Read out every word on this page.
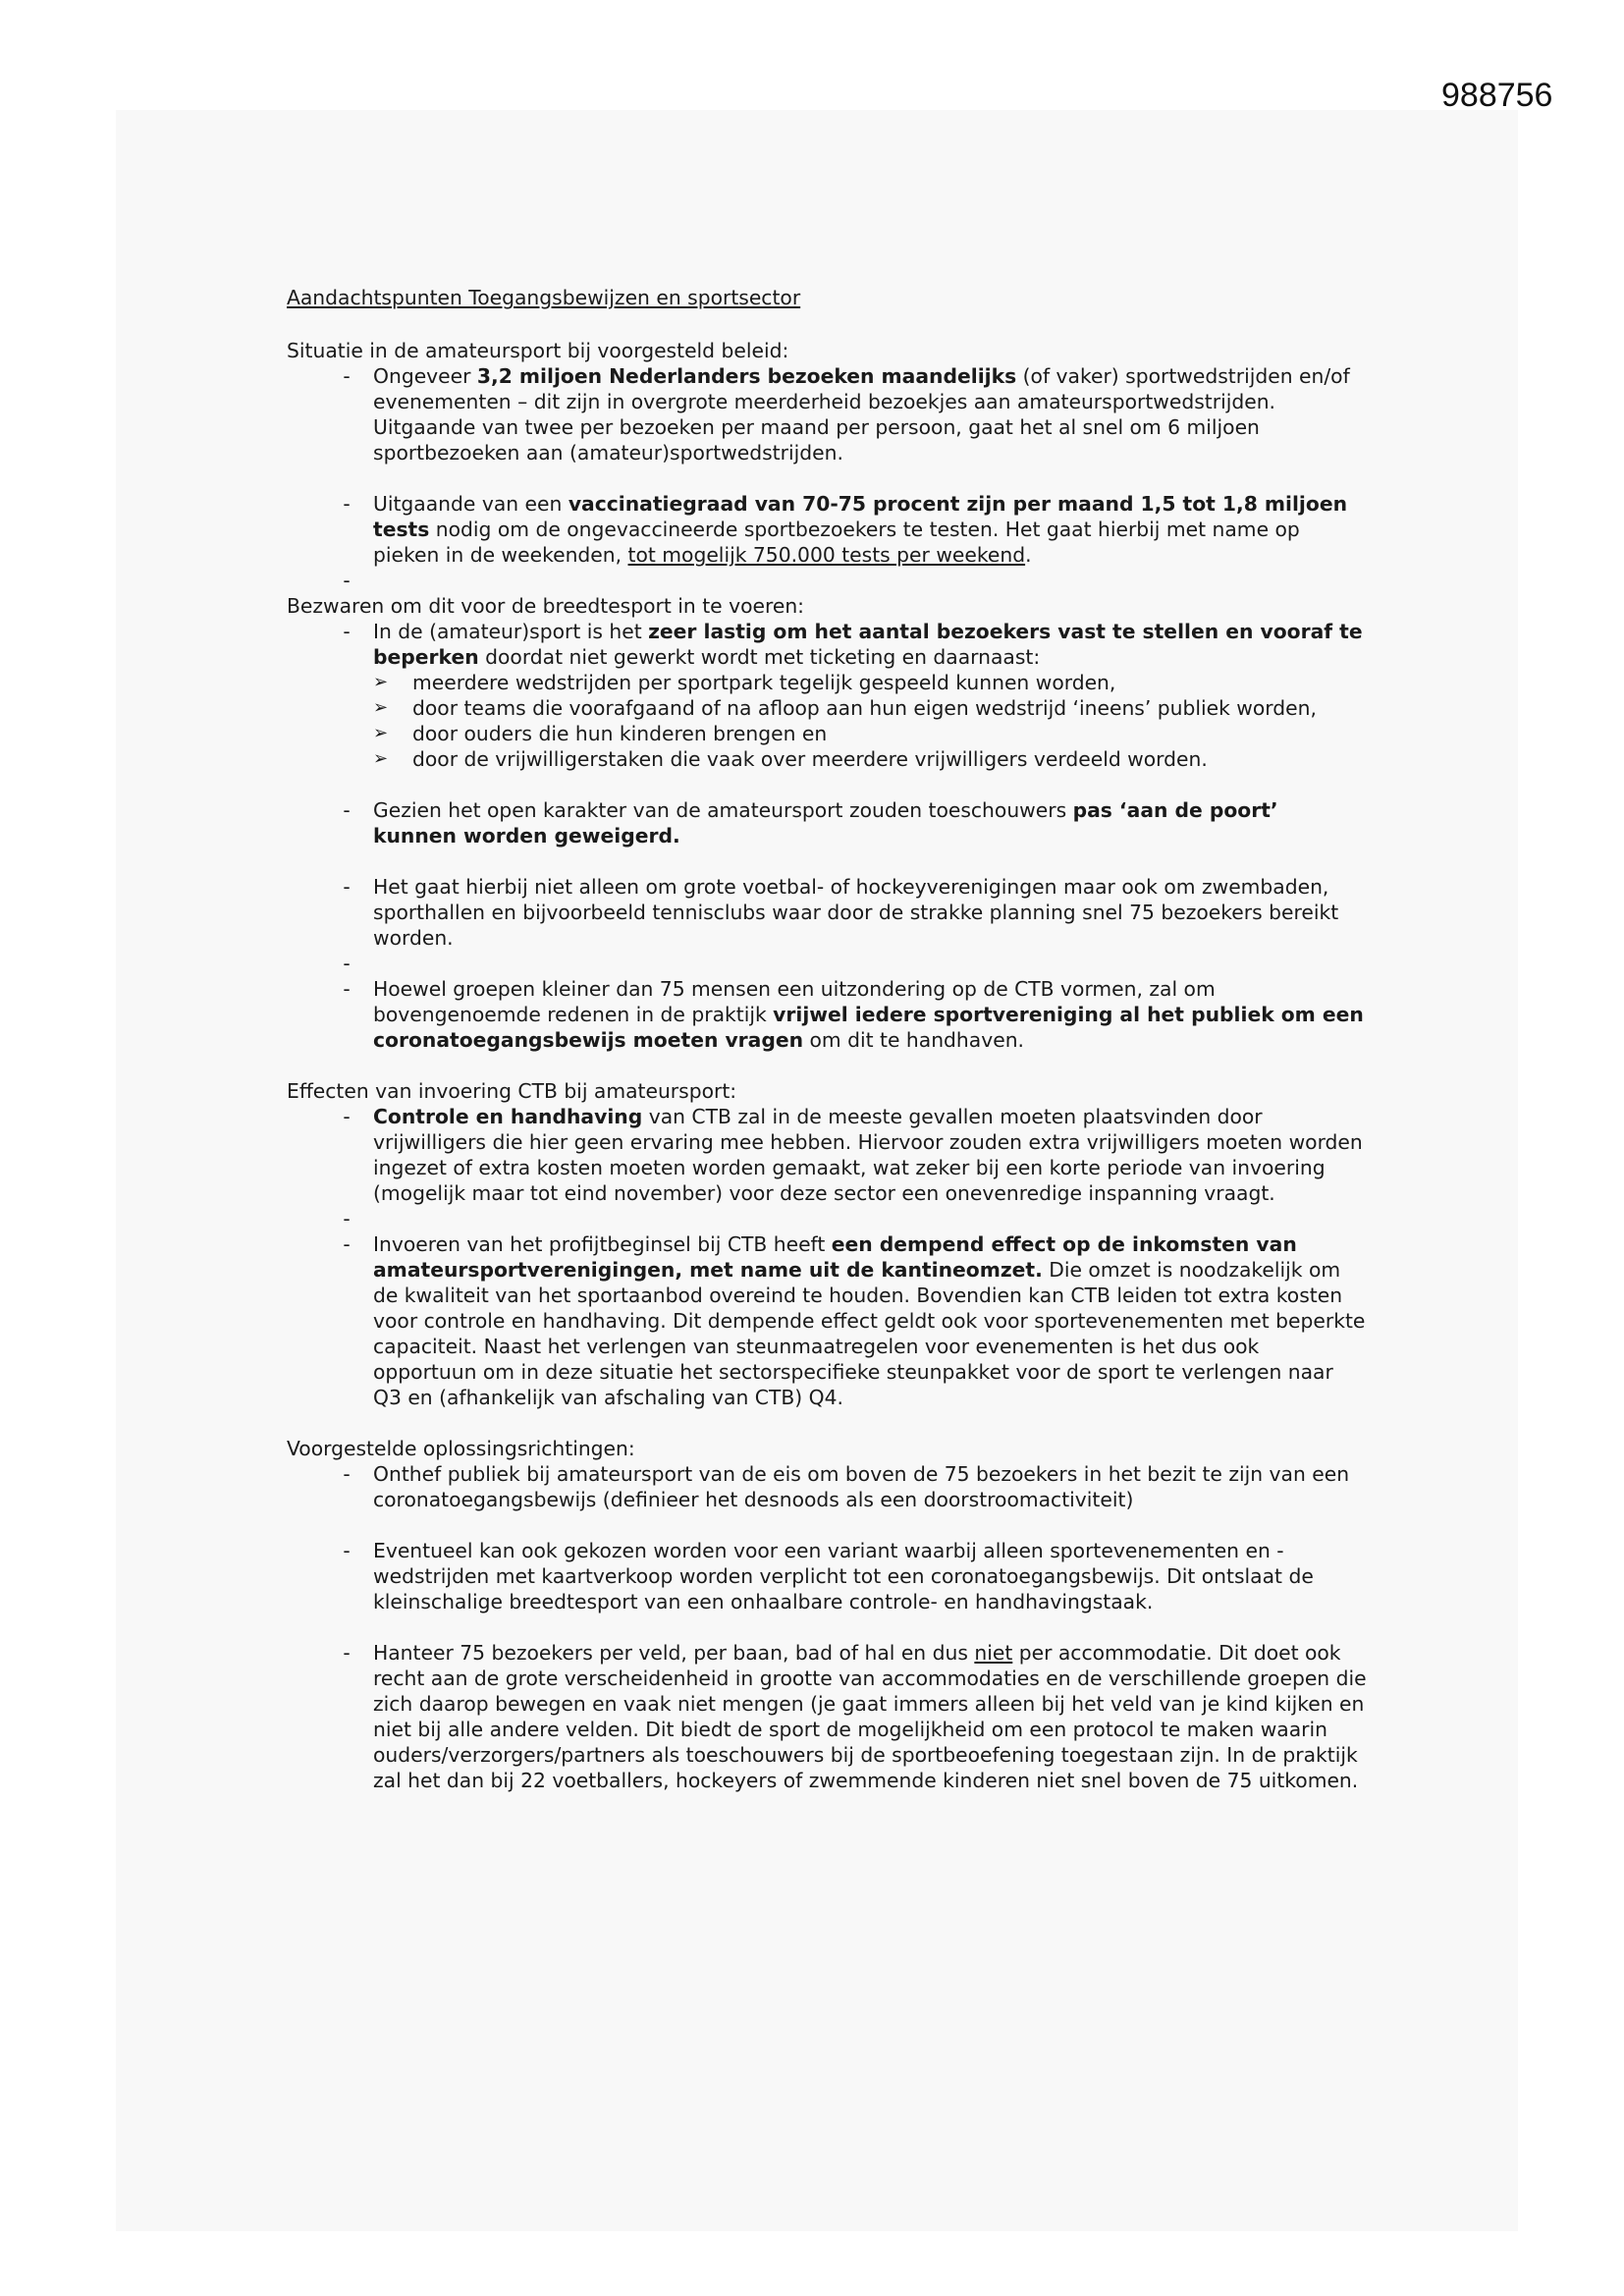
988756

Aandachtspunten Toegangsbewijzen en sportsector

Situatie in de amateursport bij voorgesteld beleid:

-	Ongeveer 3,2 miljoen Nederlanders bezoeken maandelijks (of vaker) sportwedstrijden en/of evenementen – dit zijn in overgrote meerderheid bezoekjes aan amateursportwedstrijden. Uitgaande van twee per bezoeken per maand per persoon, gaat het al snel om 6 miljoen sportbezoeken aan (amateur)sportwedstrijden.
-	Uitgaande van een vaccinatiegraad van 70-75 procent zijn per maand 1,5 tot 1,8 miljoen tests nodig om de ongevaccineerde sportbezoekers te testen. Het gaat hierbij met name op pieken in de weekenden, tot mogelijk 750.000 tests per weekend.
-

Bezwaren om dit voor de breedtesport in te voeren:

-	In de (amateur)sport is het zeer lastig om het aantal bezoekers vast te stellen en vooraf te beperken doordat niet gewerkt wordt met ticketing en daarnaast:
➢	meerdere wedstrijden per sportpark tegelijk gespeeld kunnen worden,
➢	door teams die voorafgaand of na afloop aan hun eigen wedstrijd ‘ineens’ publiek worden,
➢	door ouders die hun kinderen brengen en
➢	door de vrijwilligerstaken die vaak over meerdere vrijwilligers verdeeld worden.
-	Gezien het open karakter van de amateursport zouden toeschouwers pas ‘aan de poort’ kunnen worden geweigerd.
-	Het gaat hierbij niet alleen om grote voetbal- of hockeyverenigingen maar ook om zwembaden, sporthallen en bijvoorbeeld tennisclubs waar door de strakke planning snel 75 bezoekers bereikt worden.
-
-	Hoewel groepen kleiner dan 75 mensen een uitzondering op de CTB vormen, zal om bovengenoemde redenen in de praktijk vrijwel iedere sportvereniging al het publiek om een coronatoegangsbewijs moeten vragen om dit te handhaven.

Effecten van invoering CTB bij amateursport:

-	Controle en handhaving van CTB zal in de meeste gevallen moeten plaatsvinden door vrijwilligers die hier geen ervaring mee hebben. Hiervoor zouden extra vrijwilligers moeten worden ingezet of extra kosten moeten worden gemaakt, wat zeker bij een korte periode van invoering (mogelijk maar tot eind november) voor deze sector een onevenredige inspanning vraagt.
-
-	Invoeren van het profijtbeginsel bij CTB heeft een dempend effect op de inkomsten van amateursportverenigingen, met name uit de kantineomzet. Die omzet is noodzakelijk om de kwaliteit van het sportaanbod overeind te houden. Bovendien kan CTB leiden tot extra kosten voor controle en handhaving. Dit dempende effect geldt ook voor sportevenementen met beperkte capaciteit. Naast het verlengen van steunmaatregelen voor evenementen is het dus ook opportuun om in deze situatie het sectorspecifieke steunpakket voor de sport te verlengen naar Q3 en (afhankelijk van afschaling van CTB) Q4.

Voorgestelde oplossingsrichtingen:

-	Onthef publiek bij amateursport van de eis om boven de 75 bezoekers in het bezit te zijn van een coronatoegangsbewijs (definieer het desnoods als een doorstroomactiviteit)
-	Eventueel kan ook gekozen worden voor een variant waarbij alleen sportevenementen en -wedstrijden met kaartverkoop worden verplicht tot een coronatoegangsbewijs. Dit ontslaat de kleinschalige breedtesport van een onhaalbare controle- en handhavingstaak.
-	Hanteer 75 bezoekers per veld, per baan, bad of hal en dus niet per accommodatie. Dit doet ook recht aan de grote verscheidenheid in grootte van accommodaties en de verschillende groepen die zich daarop bewegen en vaak niet mengen (je gaat immers alleen bij het veld van je kind kijken en niet bij alle andere velden. Dit biedt de sport de mogelijkheid om een protocol te maken waarin ouders/verzorgers/partners als toeschouwers bij de sportbeoefening toegestaan zijn. In de praktijk zal het dan bij 22 voetballers, hockeyers of zwemmende kinderen niet snel boven de 75 uitkomen.
